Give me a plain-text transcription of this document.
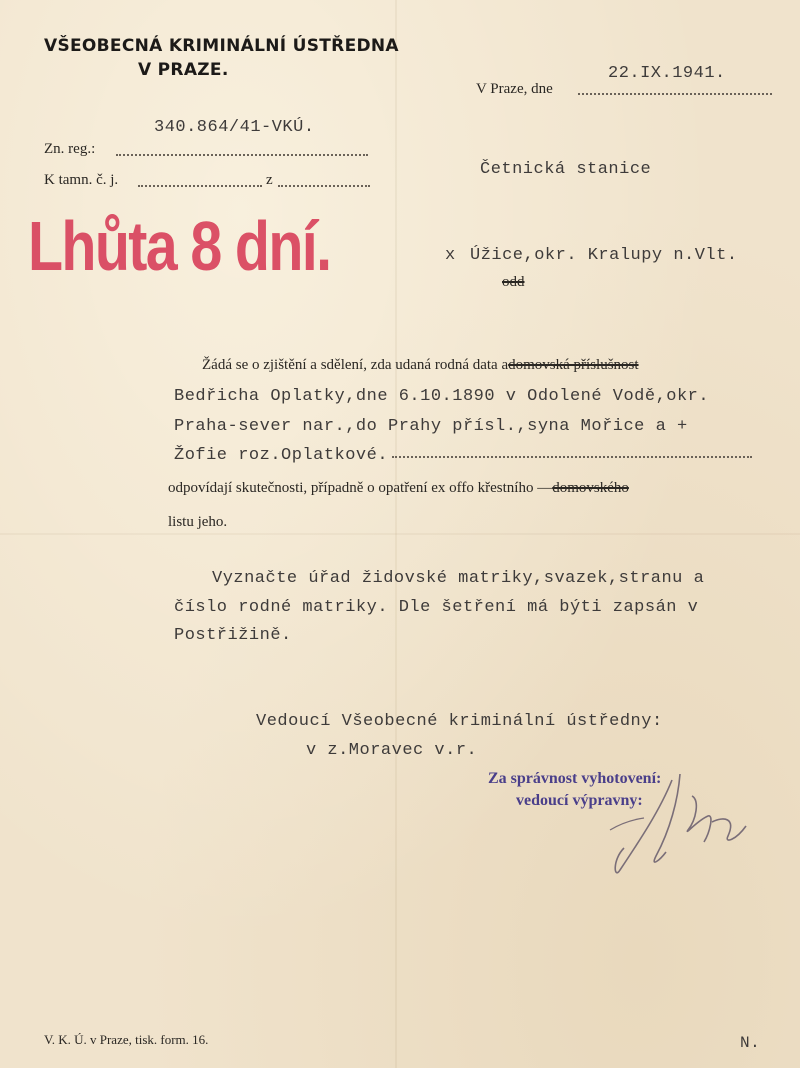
VŠEOBECNÁ KRIMINÁLNÍ ÚSTŘEDNA
V PRAZE.	22.IX.1941.
V Praze, dne
340.864/41-VKÚ.
Zn. reg.:
K tamn. č. j.	z
Lhůta 8 dní.
Četnická stanice
x Úžice,okr. Kralupy n.Vlt.
odd
Žádá se o zjištění a sdělení, zda udaná rodná data adomovská příslušnost
Bedřicha Oplatky,dne 6.10.1890 v Odolené Vodě,okr.
Praha-sever nar.,do Prahy přísl.,syna Mořice a +
Žofie roz.Oplatkové.
odpovídají skutečnosti, případně o opatření ex offo křestního —domovského
listu jeho.
Vyznačte úřad židovské matriky,svazek,stranu a
číslo rodné matriky. Dle šetření má býti zapsán v
Postřižině.
Vedoucí Všeobecné kriminální ústředny:
v z.Moravec v.r.
Za správnost vyhotovení:
vedoucí výpravny:
V. K. Ú. v Praze, tisk. form. 16.	N.
